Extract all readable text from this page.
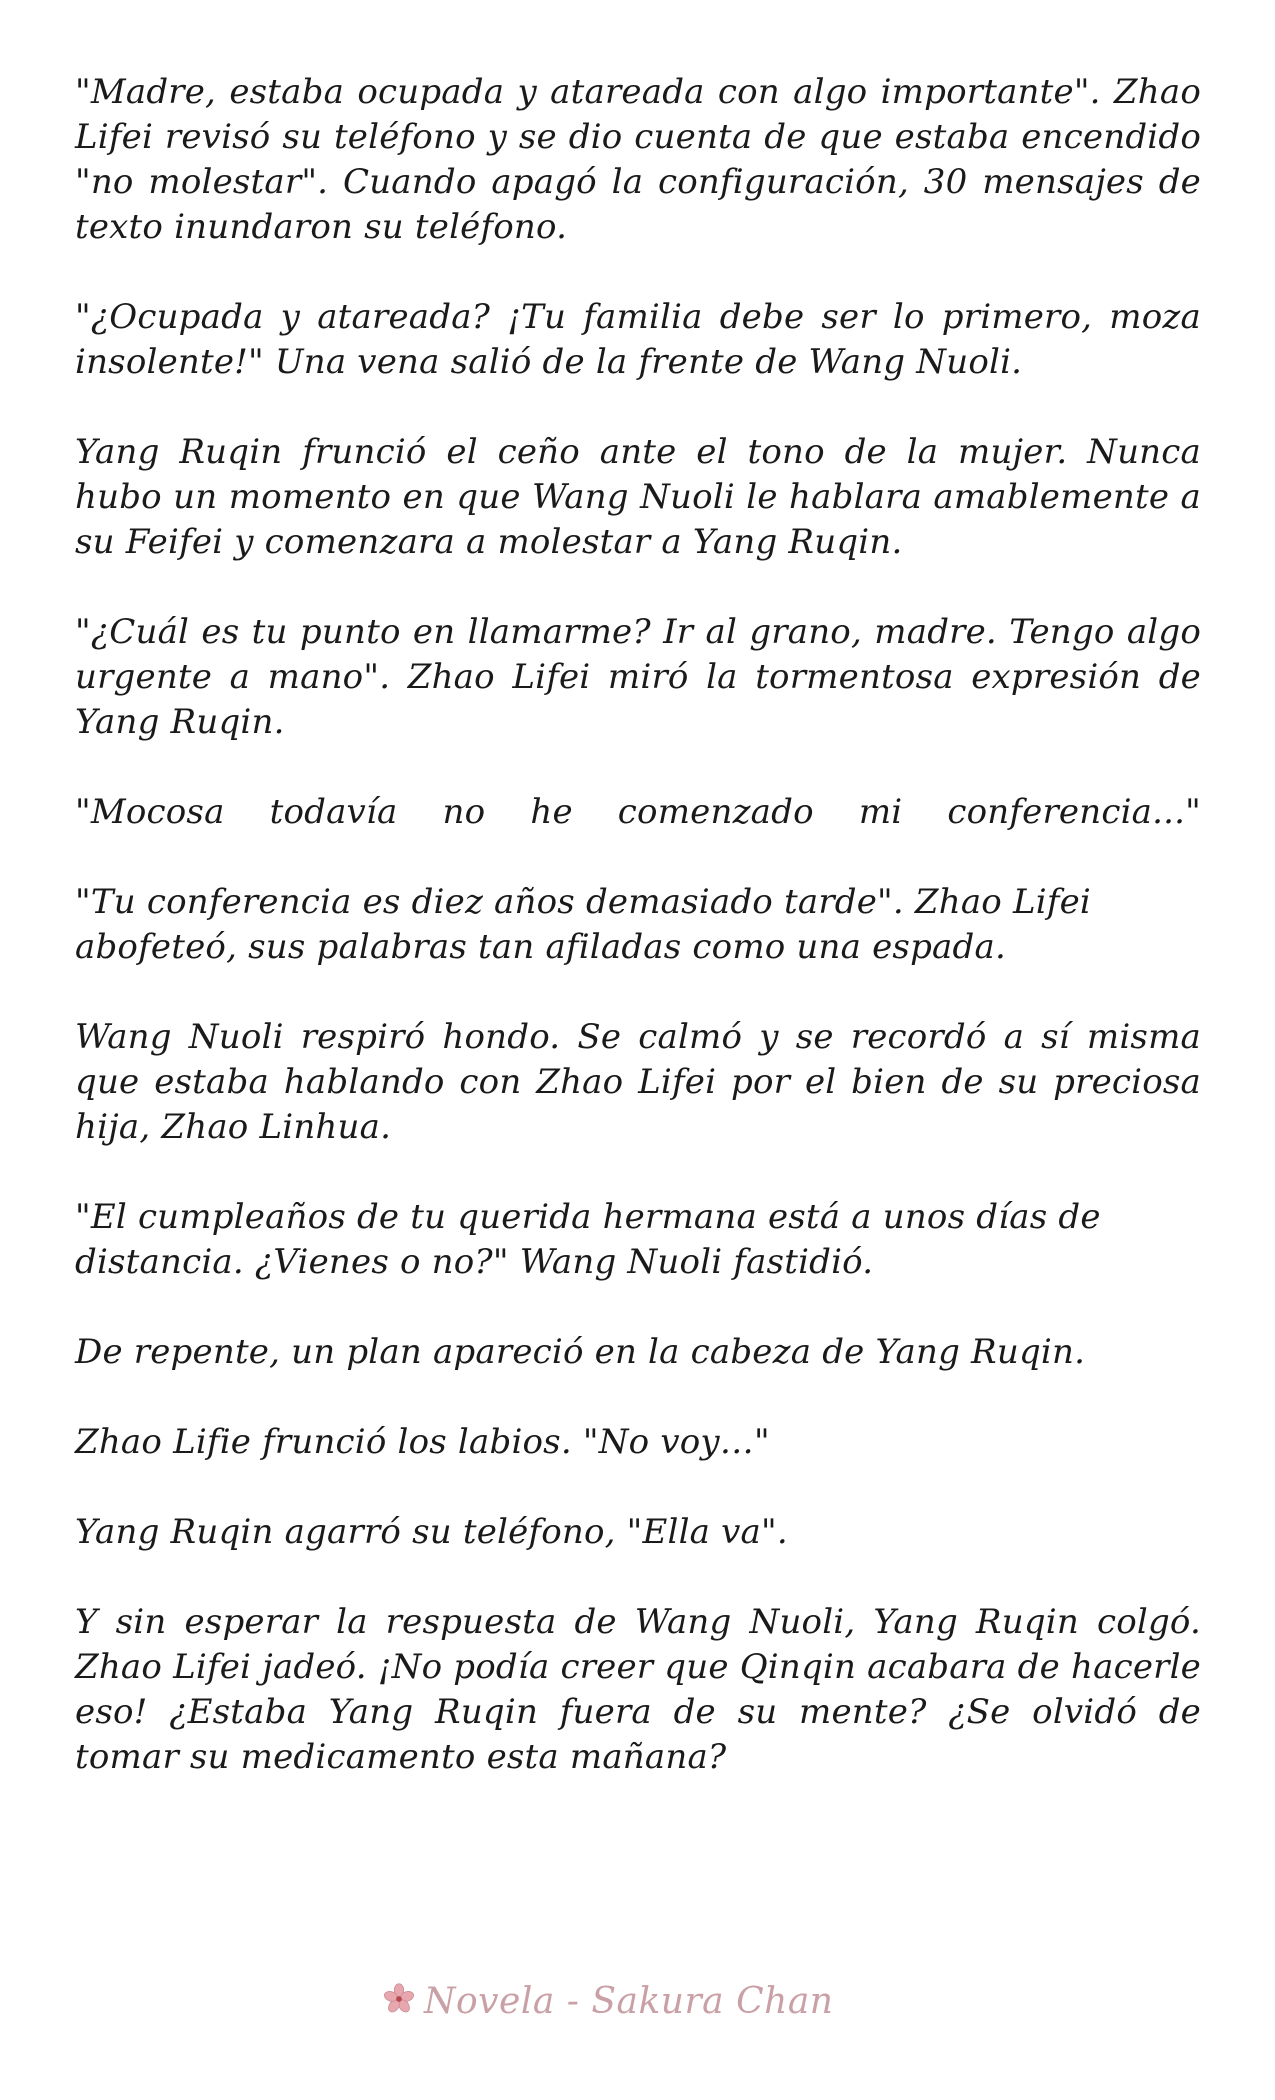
"Madre, estaba ocupada y atareada con algo importante". Zhao Lifei revisó su teléfono y se dio cuenta de que estaba encendido "no molestar". Cuando apagó la configuración, 30 mensajes de texto inundaron su teléfono.

"¿Ocupada y atareada? ¡Tu familia debe ser lo primero, moza insolente!" Una vena salió de la frente de Wang Nuoli.

Yang Ruqin frunció el ceño ante el tono de la mujer. Nunca hubo un momento en que Wang Nuoli le hablara amablemente a su Feifei y comenzara a molestar a Yang Ruqin.

"¿Cuál es tu punto en llamarme? Ir al grano, madre. Tengo algo urgente a mano". Zhao Lifei miró la tormentosa expresión de Yang Ruqin.

"Mocosa todavía no he comenzado mi conferencia..."

"Tu conferencia es diez años demasiado tarde". Zhao Lifei abofeteó, sus palabras tan afiladas como una espada.

Wang Nuoli respiró hondo. Se calmó y se recordó a sí misma que estaba hablando con Zhao Lifei por el bien de su preciosa hija, Zhao Linhua.

"El cumpleaños de tu querida hermana está a unos días de distancia. ¿Vienes o no?" Wang Nuoli fastidió.

De repente, un plan apareció en la cabeza de Yang Ruqin.

Zhao Lifie frunció los labios. "No voy…"

Yang Ruqin agarró su teléfono, "Ella va".

Y sin esperar la respuesta de Wang Nuoli, Yang Ruqin colgó. Zhao Lifei jadeó. ¡No podía creer que Qinqin acabara de hacerle eso! ¿Estaba Yang Ruqin fuera de su mente? ¿Se olvidó de tomar su medicamento esta mañana?

Novela - Sakura Chan
